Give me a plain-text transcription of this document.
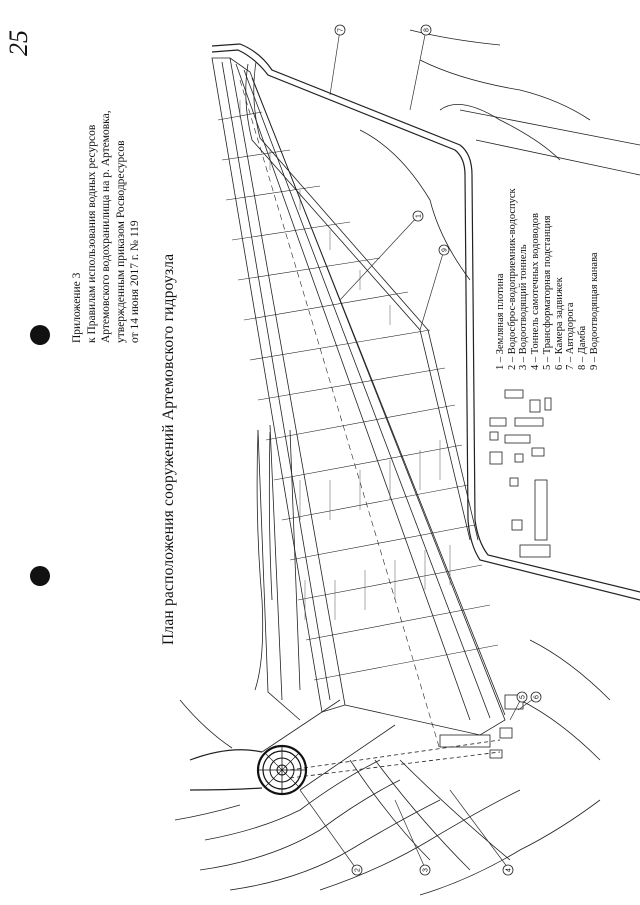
25
Приложение 3 к Правилам использования водных ресурсов Артемовского водохранилища на р. Артемовка, утвержденным приказом Росводресурсов от 14 июня 2017 г. № 119 План расположения сооружений Артемовского гидроузла	1 – Земляная плотина 2 – Водосброс-водоприемник-водоспуск 3 – Водоотводящий тоннель 4 – Тоннель самотечных водоводов 5 – Трансформаторная подстанция 6 – Камера задвижек 7 – Автодорога 8 – Дамба 9 – Водоотводящая канава
7	8
1
9
5 6
2	3	4
